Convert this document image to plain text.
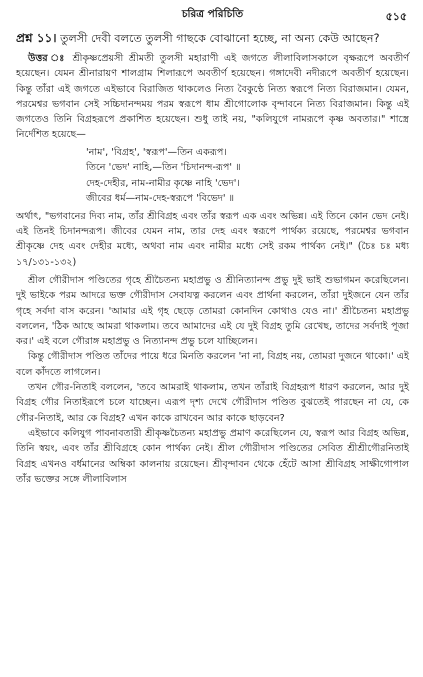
চরিত্র পরিচিতি	৫১৫
প্রশ্ন ১১। তুলসী দেবী বলতে তুলসী গাছকে বোঝানো হচ্ছে, না অন্য কেউ আছেন?

উত্তর ঃ শ্রীকৃষ্ণপ্রেয়সী শ্রীমতী তুলসী মহারাণী এই জগতে লীলাবিলাসকালে বৃক্ষরূপে অবতীর্ণ হয়েছেন। যেমন শ্রীনারায়ণ শালগ্রাম শিলারূপে অবতীর্ণ হয়েছেন। গঙ্গাদেবী নদীরূপে অবতীর্ণ হয়েছেন। কিন্তু তাঁরা এই জগতে এইভাবে বিরাজিত থাকলেও নিত্য বৈকুণ্ঠে নিত্য স্বরূপে নিত্য বিরাজমান। যেমন, পরমেশ্বর ভগবান সেই সচ্চিদানন্দময় পরম স্বরূপে ধাম শ্রীগোলোক বৃন্দাবনে নিত্য বিরাজমান। কিন্তু এই জগতেও তিনি বিগ্রহরূপে প্রকাশিত হয়েছেন। শুধু তাই নয়, "কলিযুগে নামরূপে কৃষ্ণ অবতার।" শাস্ত্রে নির্দেশিত হয়েছে—

'নাম', 'বিগ্রহ', 'স্বরূপ'—তিন একরূপ।
তিনে 'ভেদ' নাহি,—তিন 'চিদানন্দ-রূপ' ॥
দেহ-দেহীর, নাম-নামীর কৃষ্ণে নাহি 'ভেদ'।
জীবের ধর্ম—নাম-দেহ-স্বরূপে 'বিভেদ' ॥

অর্থাৎ, "ভগবানের দিব্য নাম, তাঁর শ্রীবিগ্রহ এবং তাঁর স্বরূপ এক এবং অভিন্ন। এই তিনে কোন ভেদ নেই। এই তিনই চিদানন্দরূপ। জীবের যেমন নাম, তার দেহ এবং স্বরূপে পার্থক্য রয়েছে, পরমেশ্বর ভগবান শ্রীকৃষ্ণে দেহ এবং দেহীর মধ্যে, অথবা নাম এবং নামীর মধ্যে সেই রকম পার্থক্য নেই।" (চৈঃ চঃ মধ্য ১৭/১৩১-১৩২)

শ্রীল গৌরীদাস পণ্ডিতের গৃহে শ্রীচৈতন্য মহাপ্রভু ও শ্রীনিত্যানন্দ প্রভু দুই ভাই শুভাগমন করেছিলেন। দুই ভাইকে পরম আদরে ভক্ত গৌরীদাস সেবাযত্ন করলেন এবং প্রার্থনা করলেন, তাঁরা দুইজনে যেন তাঁর গৃহে সর্বদা বাস করেন। 'আমার এই গৃহ ছেড়ে তোমরা কোনদিন কোথাও যেও না।' শ্রীচৈতন্য মহাপ্রভু বললেন, 'ঠিক আছে আমরা থাকলাম। তবে আমাদের এই যে দুই বিগ্রহ তুমি রেখেছ, তাদের সর্বদাই পূজা কর।' এই বলে গৌরাঙ্গ মহাপ্রভু ও নিত্যানন্দ প্রভু চলে যাচ্ছিলেন।

কিন্তু গৌরীদাস পণ্ডিত তাঁদের পায়ে ধরে মিনতি করলেন 'না না, বিগ্রহ নয়, তোমরা দুজনে থাকো।' এই বলে কাঁদতে লাগলেন।

তখন গৌর-নিতাই বললেন, 'তবে আমরাই থাকলাম, তখন তাঁরাই বিগ্রহরূপ ধারণ করলেন, আর দুই বিগ্রহ গৌর নিতাইরূপে চলে যাচ্ছেন। এরূপ দৃশ্য দেখে গৌরীদাস পণ্ডিত বুঝতেই পারছেন না যে, কে গৌর-নিতাই, আর কে বিগ্রহ? এখন কাকে রাখবেন আর কাকে ছাড়বেন?

এইভাবে কলিযুগ পাবনাবতারী শ্রীকৃষ্ণচৈতন্য মহাপ্রভু প্রমাণ করেছিলেন যে, স্বরূপ আর বিগ্রহ অভিন্ন, তিনি স্বয়ং, এবং তাঁর শ্রীবিগ্রহে কোন পার্থক্য নেই। শ্রীল গৌরীদাস পণ্ডিতের সেবিত শ্রীশ্রীগৌরনিতাই বিগ্রহ এখনও বর্ধমানের অম্বিকা কালনায় রয়েছেন। শ্রীবৃন্দাবন থেকে হেঁটে আসা শ্রীবিগ্রহ সাক্ষীগোপাল তাঁর ভক্তের সঙ্গে লীলাবিলাস
